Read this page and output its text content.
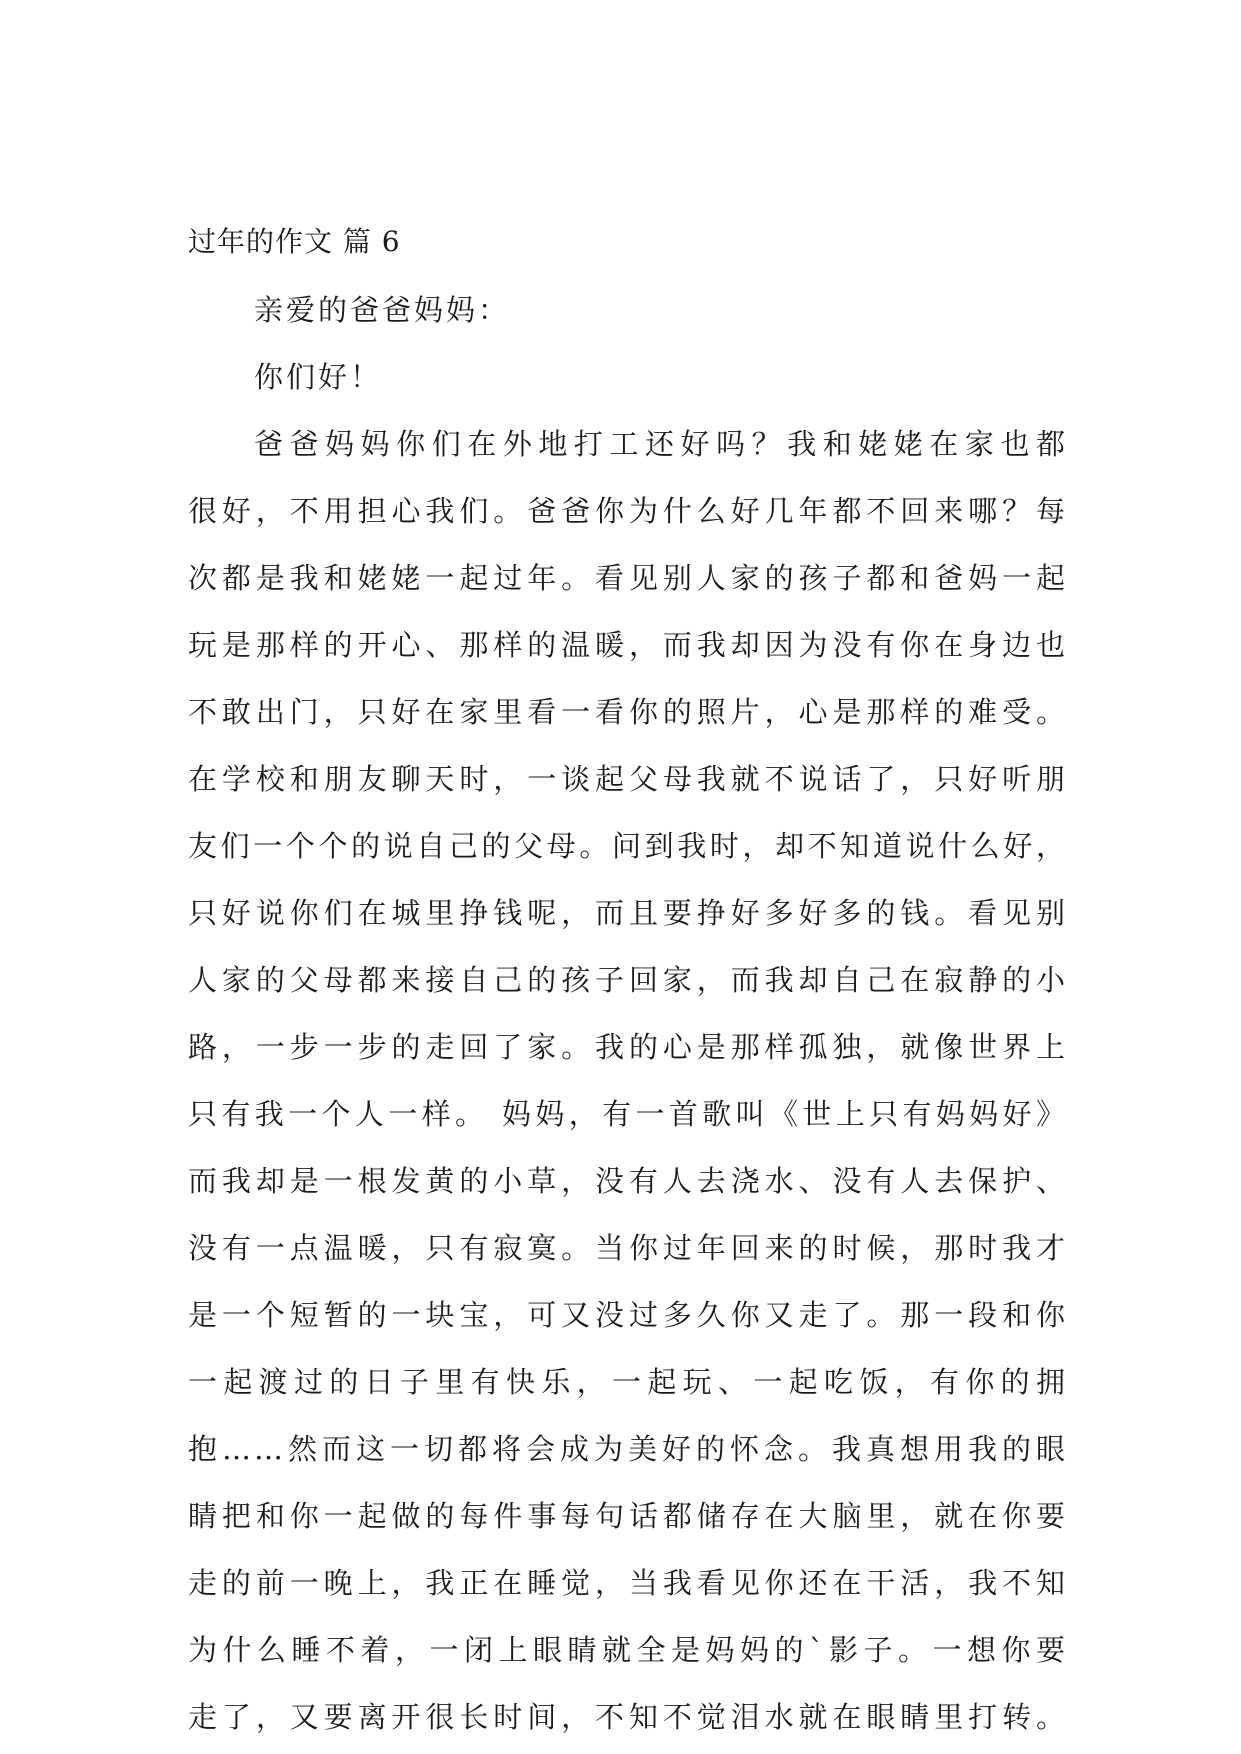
过年的作文 篇 6
亲爱的爸爸妈妈：
你们好！
爸爸妈妈你们在外地打工还好吗？我和姥姥在家也都
很好，不用担心我们。爸爸你为什么好几年都不回来哪？每
次都是我和姥姥一起过年。看见别人家的孩子都和爸妈一起
玩是那样的开心、那样的温暖，而我却因为没有你在身边也
不敢出门，只好在家里看一看你的照片，心是那样的难受。
在学校和朋友聊天时，一谈起父母我就不说话了，只好听朋
友们一个个的说自己的父母。问到我时，却不知道说什么好，
只好说你们在城里挣钱呢，而且要挣好多好多的钱。看见别
人家的父母都来接自己的孩子回家，而我却自己在寂静的小
路，一步一步的走回了家。我的心是那样孤独，就像世界上
只有我一个人一样。 妈妈，有一首歌叫《世上只有妈妈好》
而我却是一根发黄的小草，没有人去浇水、没有人去保护、
没有一点温暖，只有寂寞。当你过年回来的时候，那时我才
是一个短暂的一块宝，可又没过多久你又走了。那一段和你
一起渡过的日子里有快乐，一起玩、一起吃饭，有你的拥
抱……然而这一切都将会成为美好的怀念。我真想用我的眼
睛把和你一起做的每件事每句话都储存在大脑里，就在你要
走的前一晚上，我正在睡觉，当我看见你还在干活，我不知
为什么睡不着，一闭上眼睛就全是妈妈的`影子。一想你要
走了，又要离开很长时间，不知不觉泪水就在眼睛里打转。
